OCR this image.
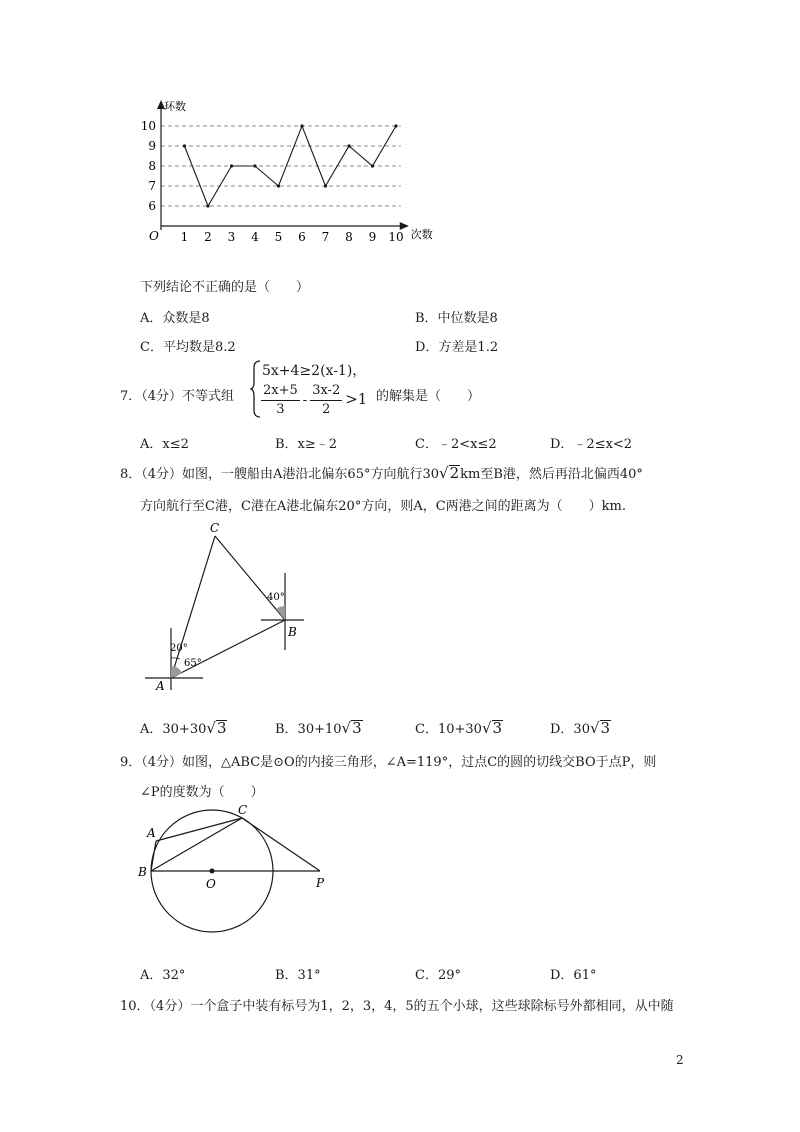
6
7
8
9
10
1 2 3 4 5 6 7 8 9 10
环数
次数
O
下列结论不正确的是（　　）
A．众数是8	B．中位数是8
C．平均数是8.2	D．方差是1.2
7．（4分）不等式组
5x+4≥2(x-1)，
$\frac{2x+5}{3} - \frac{3x-2}{2} >1$ 的解集是（　　）
A．x≤2	B．x≥﹣2	C．﹣2<x≤2	D．﹣2≤x<2
8．（4分）如图，一艘船由A港沿北偏东65°方向航行30√2km至B港，然后再沿北偏西40°
方向航行至C港，C港在A港北偏东20°方向，则A，C两港之间的距离为（　　）km.
C
B
A
20°
65°
40°
A．30+30√3	B．30+10√3	C．10+30√3	D．30√3
9．（4分）如图，△ABC是⊙O的内接三角形，∠A=119°，过点C的圆的切线交BO于点P，则
∠P的度数为（　　）
A
B
C
O	P
A．32°	B．31°	C．29°	D．61°
10．（4分）一个盒子中装有标号为1，2，3，4，5的五个小球，这些球除标号外都相同，从中随
2
